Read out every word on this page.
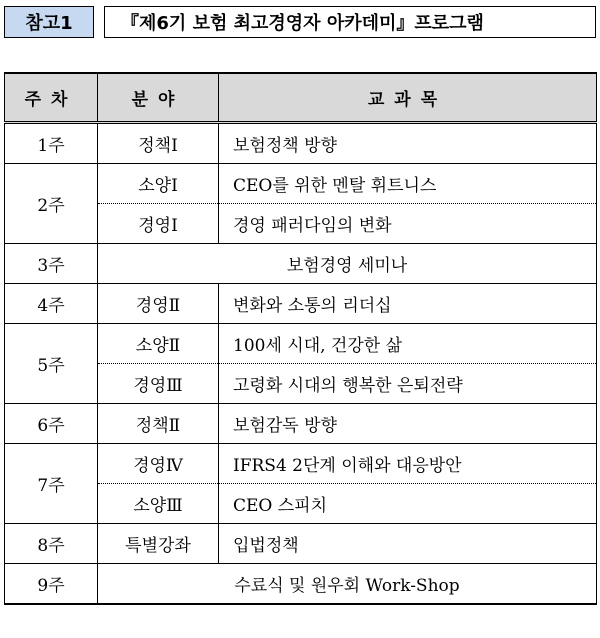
참고1	『제6기 보험 최고경영자 아카데미』프로그램
주차	분야	교과목
1주	정책Ⅰ	보험정책 방향
2주	소양Ⅰ	CEO를 위한 멘탈 휘트니스
	경영Ⅰ	경영 패러다임의 변화
3주	보험경영 세미나	
4주	경영Ⅱ	변화와 소통의 리더십
5주	소양Ⅱ	100세 시대, 건강한 삶
	경영Ⅲ	고령화 시대의 행복한 은퇴전략
6주	정책Ⅱ	보험감독 방향
7주	경영Ⅳ	IFRS4 2단계 이해와 대응방안
	소양Ⅲ	CEO 스피치
8주	특별강좌	입법정책
9주	수료식 및 원우회 Work-Shop	
